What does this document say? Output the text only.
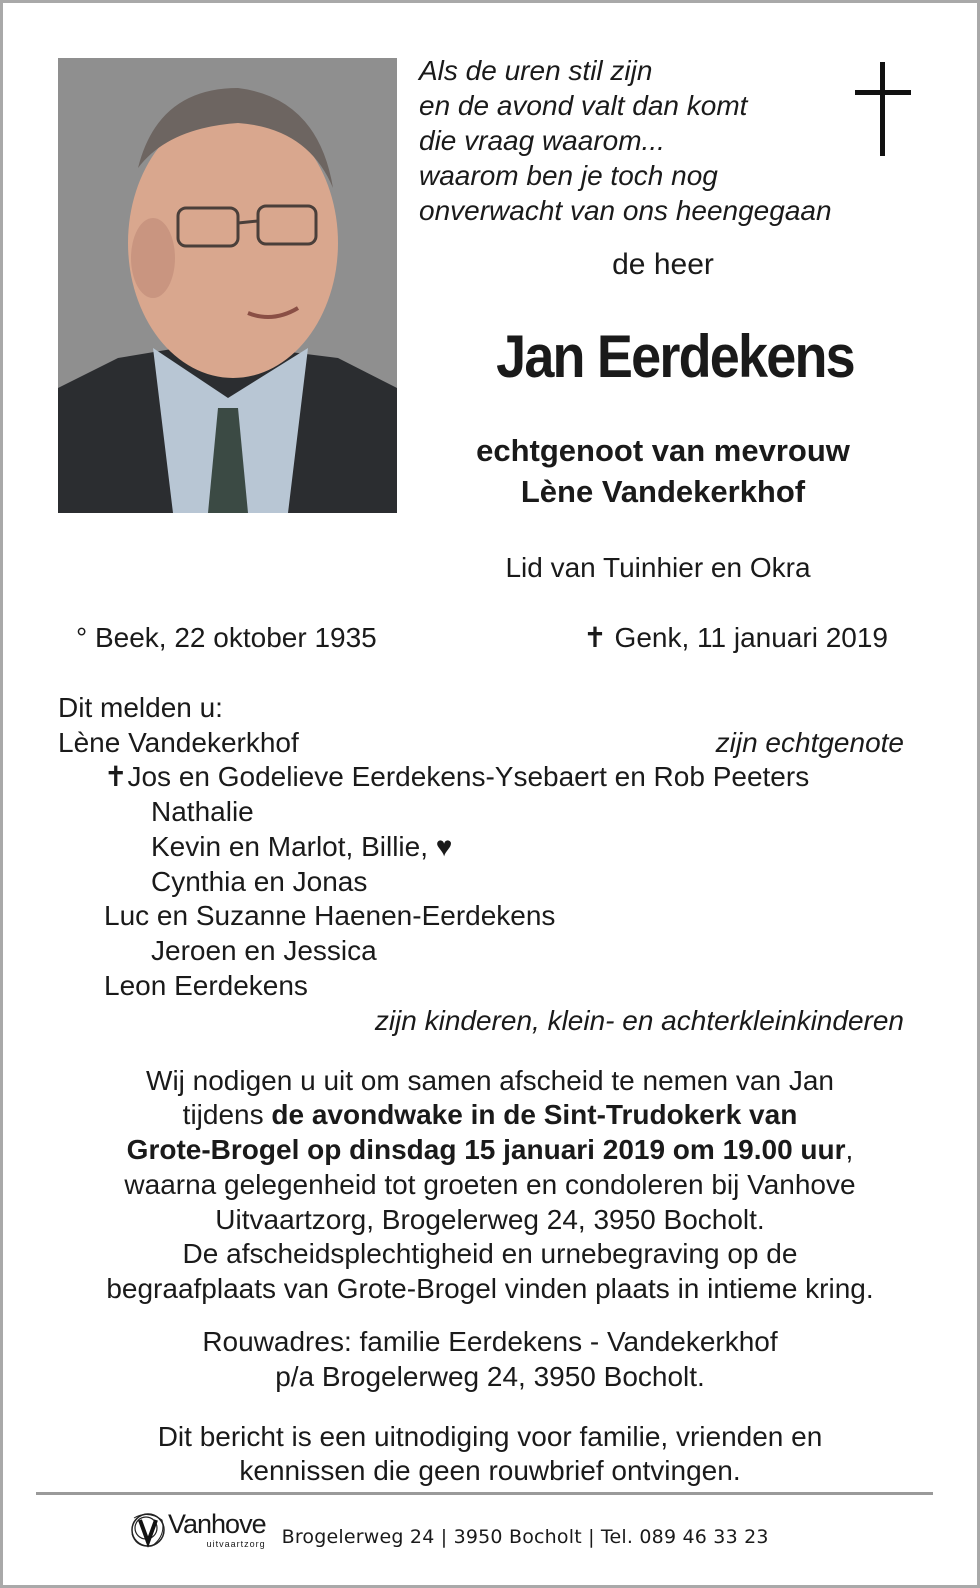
Als de uren stil zijn
en de avond valt dan komt
die vraag waarom...
waarom ben je toch nog
onverwacht van ons heengegaan
de heer
Jan Eerdekens
echtgenoot van mevrouw
Lène Vandekerkhof
Lid van Tuinhier en Okra
° Beek, 22 oktober 1935	✝ Genk, 11 januari 2019
Dit melden u:
Lène Vandekerkhof	zijn echtgenote
✝Jos en Godelieve Eerdekens-Ysebaert en Rob Peeters
Nathalie
Kevin en Marlot, Billie, ♥
Cynthia en Jonas
Luc en Suzanne Haenen-Eerdekens
Jeroen en Jessica
Leon Eerdekens
zijn kinderen, klein- en achterkleinkinderen
Wij nodigen u uit om samen afscheid te nemen van Jan
tijdens de avondwake in de Sint-Trudokerk van
Grote-Brogel op dinsdag 15 januari 2019 om 19.00 uur,
waarna gelegenheid tot groeten en condoleren bij Vanhove
Uitvaartzorg, Brogelerweg 24, 3950 Bocholt.
De afscheidsplechtigheid en urnebegraving op de
begraafplaats van Grote-Brogel vinden plaats in intieme kring.
Rouwadres: familie Eerdekens - Vandekerkhof
p/a Brogelerweg 24, 3950 Bocholt.
Dit bericht is een uitnodiging voor familie, vrienden en
kennissen die geen rouwbrief ontvingen.
Vanhove
uitvaartzorg Brogelerweg 24 | 3950 Bocholt | Tel. 089 46 33 23
